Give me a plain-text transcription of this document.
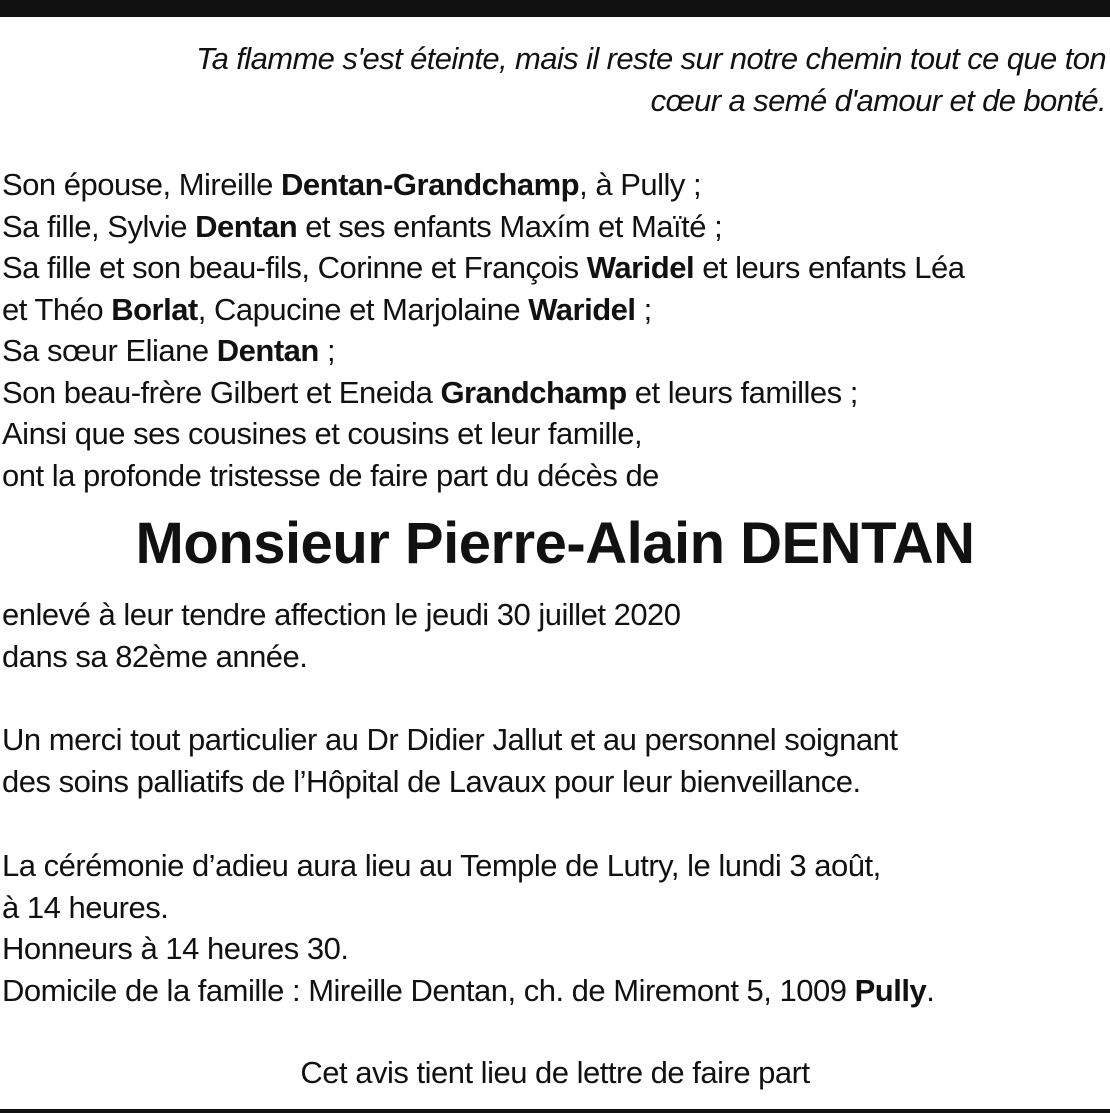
Ta flamme s'est éteinte, mais il reste sur notre chemin tout ce que ton
cœur a semé d'amour et de bonté.
Son épouse, Mireille Dentan-Grandchamp, à Pully ;
Sa fille, Sylvie Dentan et ses enfants Maxím et Maïté ;
Sa fille et son beau-fils, Corinne et François Waridel et leurs enfants Léa
et Théo Borlat, Capucine et Marjolaine Waridel ;
Sa sœur Eliane Dentan ;
Son beau-frère Gilbert et Eneida Grandchamp et leurs familles ;
Ainsi que ses cousines et cousins et leur famille,
ont la profonde tristesse de faire part du décès de
Monsieur Pierre-Alain DENTAN
enlevé à leur tendre affection le jeudi 30 juillet 2020
dans sa 82ème année.
Un merci tout particulier au Dr Didier Jallut et au personnel soignant
des soins palliatifs de l’Hôpital de Lavaux pour leur bienveillance.
La cérémonie d’adieu aura lieu au Temple de Lutry, le lundi 3 août,
à 14 heures.
Honneurs à 14 heures 30.
Domicile de la famille : Mireille Dentan, ch. de Miremont 5, 1009 Pully.
Cet avis tient lieu de lettre de faire part
